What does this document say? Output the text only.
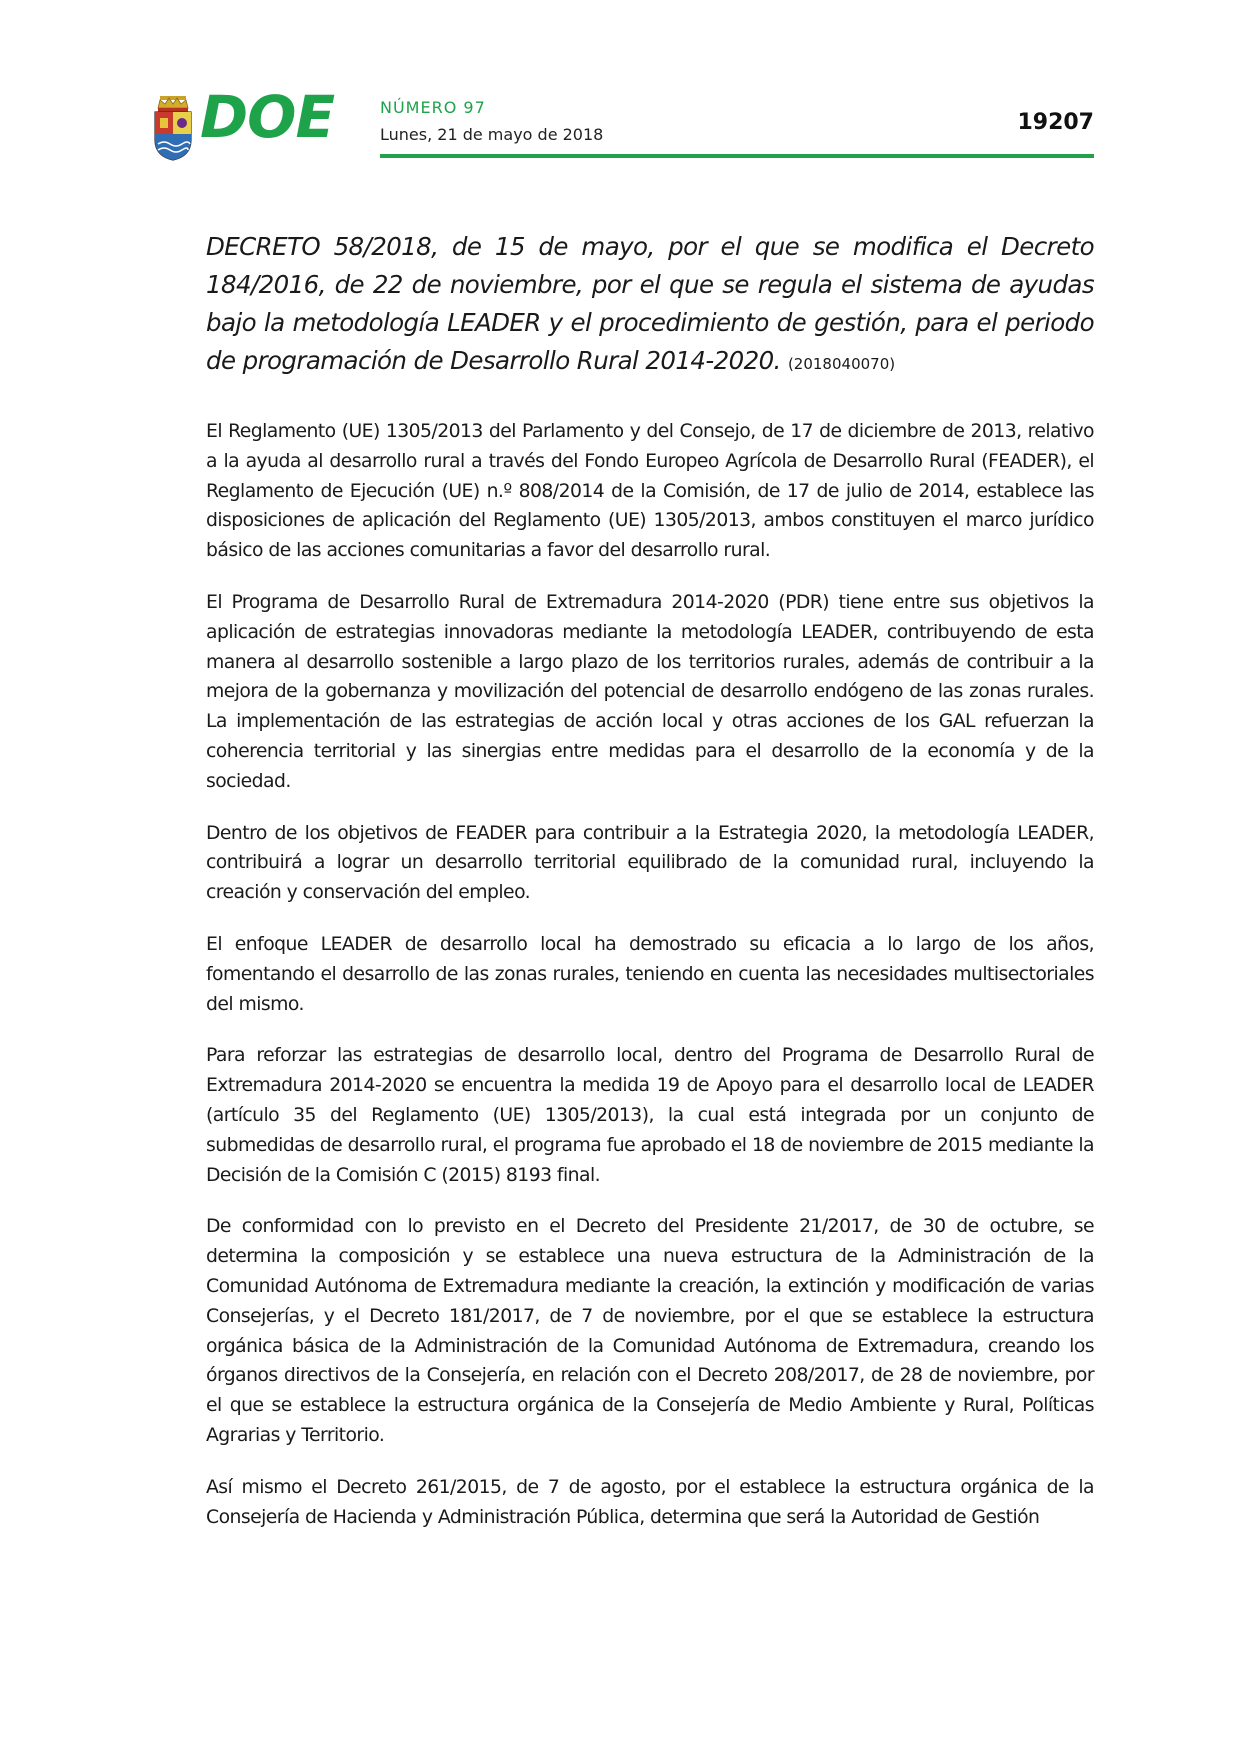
DOE	NÚMERO 97
Lunes, 21 de mayo de 2018	19207

DECRETO 58/2018, de 15 de mayo, por el que se modifica el Decreto 184/2016, de 22 de noviembre, por el que se regula el sistema de ayudas bajo la metodología LEADER y el procedimiento de gestión, para el periodo de programación de Desarrollo Rural 2014-2020. (2018040070)

El Reglamento (UE) 1305/2013 del Parlamento y del Consejo, de 17 de diciembre de 2013, relativo a la ayuda al desarrollo rural a través del Fondo Europeo Agrícola de Desarrollo Rural (FEADER), el Reglamento de Ejecución (UE) n.º 808/2014 de la Comisión, de 17 de julio de 2014, establece las disposiciones de aplicación del Reglamento (UE) 1305/2013, ambos constituyen el marco jurídico básico de las acciones comunitarias a favor del desarrollo rural.

El Programa de Desarrollo Rural de Extremadura 2014-2020 (PDR) tiene entre sus objetivos la aplicación de estrategias innovadoras mediante la metodología LEADER, contribuyendo de esta manera al desarrollo sostenible a largo plazo de los territorios rurales, además de contribuir a la mejora de la gobernanza y movilización del potencial de desarrollo endógeno de las zonas rurales. La implementación de las estrategias de acción local y otras acciones de los GAL refuerzan la coherencia territorial y las sinergias entre medidas para el desarrollo de la economía y de la sociedad.

Dentro de los objetivos de FEADER para contribuir a la Estrategia 2020, la metodología LEADER, contribuirá a lograr un desarrollo territorial equilibrado de la comunidad rural, incluyendo la creación y conservación del empleo.

El enfoque LEADER de desarrollo local ha demostrado su eficacia a lo largo de los años, fomentando el desarrollo de las zonas rurales, teniendo en cuenta las necesidades multisectoriales del mismo.

Para reforzar las estrategias de desarrollo local, dentro del Programa de Desarrollo Rural de Extremadura 2014-2020 se encuentra la medida 19 de Apoyo para el desarrollo local de LEADER (artículo 35 del Reglamento (UE) 1305/2013), la cual está integrada por un conjunto de submedidas de desarrollo rural, el programa fue aprobado el 18 de noviembre de 2015 mediante la Decisión de la Comisión C (2015) 8193 final.

De conformidad con lo previsto en el Decreto del Presidente 21/2017, de 30 de octubre, se determina la composición y se establece una nueva estructura de la Administración de la Comunidad Autónoma de Extremadura mediante la creación, la extinción y modificación de varias Consejerías, y el Decreto 181/2017, de 7 de noviembre, por el que se establece la estructura orgánica básica de la Administración de la Comunidad Autónoma de Extremadura, creando los órganos directivos de la Consejería, en relación con el Decreto 208/2017, de 28 de noviembre, por el que se establece la estructura orgánica de la Consejería de Medio Ambiente y Rural, Políticas Agrarias y Territorio.

Así mismo el Decreto 261/2015, de 7 de agosto, por el establece la estructura orgánica de la Consejería de Hacienda y Administración Pública, determina que será la Autoridad de Gestión
